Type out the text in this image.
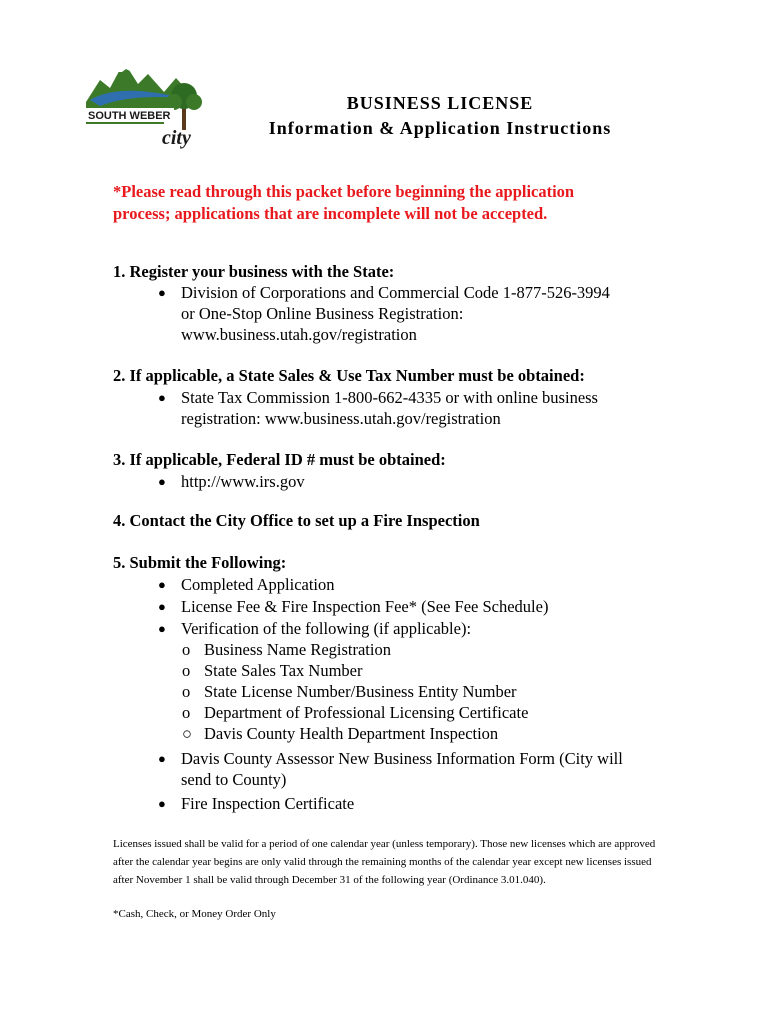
SOUTH WEBER
city
BUSINESS LICENSE
Information & Application Instructions
*Please read through this packet before beginning the application
process; applications that are incomplete will not be accepted.
1. Register your business with the State:
● Division of Corporations and Commercial Code 1-877-526-3994
or One-Stop Online Business Registration:
www.business.utah.gov/registration
2. If applicable, a State Sales & Use Tax Number must be obtained:
● State Tax Commission 1-800-662-4335 or with online business
registration: www.business.utah.gov/registration
3. If applicable, Federal ID # must be obtained:
● http://www.irs.gov
4. Contact the City Office to set up a Fire Inspection
5. Submit the Following:
● Completed Application
● License Fee & Fire Inspection Fee* (See Fee Schedule)
● Verification of the following (if applicable):
o Business Name Registration
o State Sales Tax Number
o State License Number/Business Entity Number
o Department of Professional Licensing Certificate
○ Davis County Health Department Inspection
● Davis County Assessor New Business Information Form (City will
send to County)
● Fire Inspection Certificate
Licenses issued shall be valid for a period of one calendar year (unless temporary). Those new licenses which are approved
after the calendar year begins are only valid through the remaining months of the calendar year except new licenses issued
after November 1 shall be valid through December 31 of the following year (Ordinance 3.01.040).
*Cash, Check, or Money Order Only
